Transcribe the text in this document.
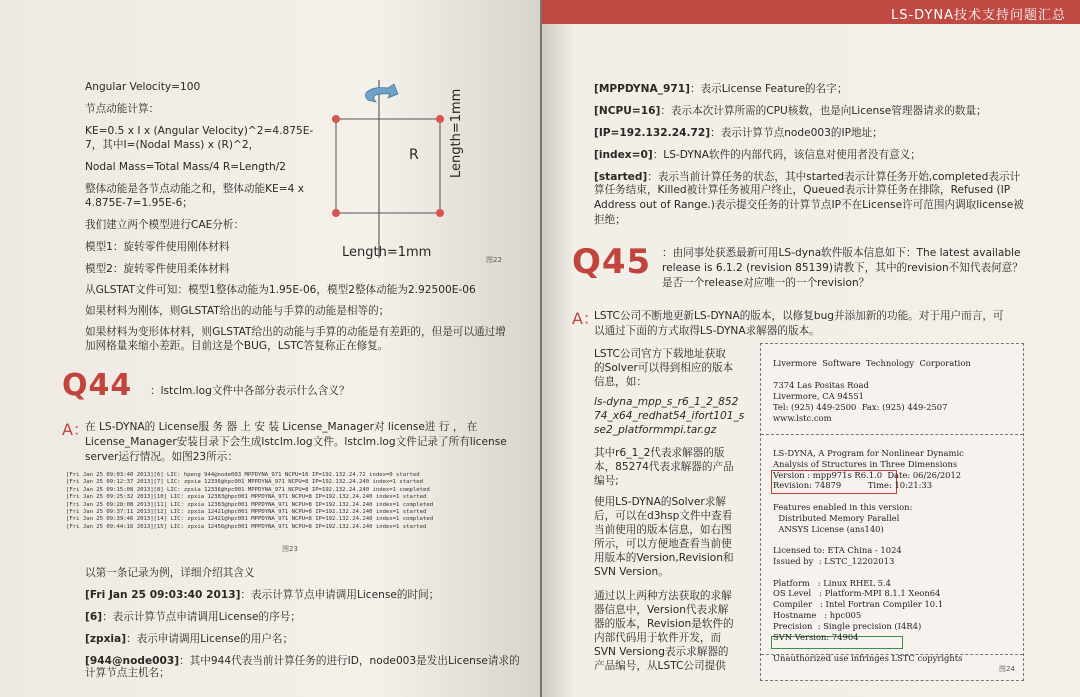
Angular Velocity=100
节点动能计算：
KE=0.5 x I x (Angular Velocity)^2=4.875E-
7，其中I=(Nodal Mass) x (R)^2，
Nodal Mass=Total Mass/4 R=Length/2
整体动能是各节点动能之和，整体动能KE=4 x
4.875E-7=1.95E-6；
我们建立两个模型进行CAE分析：
模型1：旋转零件使用刚体材料
模型2：旋转零件使用柔体材料
从GLSTAT文件可知：模型1整体动能为1.95E-06，模型2整体动能为2.92500E-06
如果材料为刚体，则GLSTAT给出的动能与手算的动能是相等的；
如果材料为变形体材料，则GLSTAT给出的动能与手算的动能是有差距的，但是可以通过增
加网格量来缩小差距。目前这是个BUG，LSTC答复称正在修复。
R
Length=1mm
Length=1mm
图22
Q44 ：lstclm.log文件中各部分表示什么含义？
A：
在 LS-DYNA的 License服 务 器 上 安 装 License_Manager对 license进 行 ， 在
License_Manager安装目录下会生成lstclm.log文件。lstclm.log文件记录了所有license
server运行情况。如图23所示：
[Fri Jan 25 09:03:40 2013][6] LIC: hpeng 944@node003 MPPDYNA_971 NCPU=16 IP=192.132.24.72 index=0 started
[Fri Jan 25 09:12:37 2013][7] LIC: zpxia 12336@hpc001 MPPDYNA_971 NCPU=8 IP=192.132.24.240 index=1 started
[Fri Jan 25 09:15:08 2013][8] LIC: zpxia 12336@hpc001 MPPDYNA_971 NCPU=8 IP=192.132.24.240 index=1 completed
[Fri Jan 25 09:25:32 2013][10] LIC: zpxia 12383@hpc001 MPPDYNA_971 NCPU=8 IP=192.132.24.240 index=1 started
[Fri Jan 25 09:28:08 2013][11] LIC: zpxia 12383@hpc001 MPPDYNA_971 NCPU=8 IP=192.132.24.240 index=1 completed
[Fri Jan 25 09:37:11 2013][12] LIC: zpxia 12421@hpc001 MPPDYNA_971 NCPU=8 IP=192.132.24.240 index=1 started
[Fri Jan 25 09:39:46 2013][14] LIC: zpxia 12421@hpc001 MPPDYNA_971 NCPU=8 IP=192.132.24.240 index=1 completed
[Fri Jan 25 09:44:16 2013][15] LIC: zpxia 12456@hpc001 MPPDYNA_971 NCPU=8 IP=192.132.24.240 index=1 started
图23
以第一条记录为例，详细介绍其含义
[Fri Jan 25 09:03:40 2013]：表示计算节点申请调用License的时间；
[6]：表示计算节点申请调用License的序号；
[zpxia]：表示申请调用License的用户名；
[944@node003]：其中944代表当前计算任务的进行ID，node003是发出License请求的
计算节点主机名；
LS-DYNA技术支持问题汇总
[MPPDYNA_971]：表示License Feature的名字；
[NCPU=16]：表示本次计算所需的CPU核数，也是向License管理器请求的数量；
[IP=192.132.24.72]：表示计算节点node003的IP地址；
[index=0]：LS-DYNA软件的内部代码，该信息对使用者没有意义；
[started]：表示当前计算任务的状态，其中started表示计算任务开始,completed表示计
算任务结束，Killed被计算任务被用户终止，Queued表示计算任务在排除，Refused (IP
Address out of Range.)表示提交任务的计算节点IP不在License许可范围内调取license被
拒绝；
Q45 ：由同事处获悉最新可用LS-dyna软件版本信息如下：The latest available
release is 6.1.2 (revision 85139)请教下，其中的revision不知代表何意？
是否一个release对应唯一的一个revision？
A：
LSTC公司不断地更新LS-DYNA的版本，以修复bug并添加新的功能。对于用户而言，可
以通过下面的方式取得LS-DYNA求解器的版本。
LSTC公司官方下载地址获取
的Solver可以得到相应的版本
信息，如：
ls-dyna_mpp_s_r6_1_2_852
74_x64_redhat54_ifort101_s
se2_platformmpi.tar.gz
其中r6_1_2代表求解器的版
本，85274代表求解器的产品
编号;
使用LS-DYNA的Solver求解
后，可以在d3hsp文件中查看
当前使用的版本信息，如右图
所示，可以方便地查看当前使
用版本的Version,Revision和
SVN Version。
通过以上两种方法获取的求解
器信息中，Version代表求解
器的版本，Revision是软件的
内部代码用于软件开发，而
SVN Versiong表示求解器的
产品编号，从LSTC公司提供	图24
Livermore  Software  Technology  Corporation
7374 Las Positas Road
Livermore, CA 94551
Tel: (925) 449-2500  Fax: (925) 449-2507
www.lstc.com
LS-DYNA, A Program for Nonlinear Dynamic
Analysis of Structures in Three Dimensions
Version : mpp971s R6.1.0  Date: 06/26/2012
Revision: 74879          Time: 10:21:33
Features enabled in this version:
Distributed Memory Parallel
ANSYS License (ans140)
Licensed to: ETA China - 1024
Issued by  : LSTC_12202013
Platform   : Linux RHEL 5.4
OS Level   : Platform-MPI 8.1.1 Xeon64
Compiler   : Intel Fortran Compiler 10.1
Hostname   : hpc005
Precision  : Single precision (I4R4)
SVN Version: 74904
Unauthorized use infringes LSTC copyrights
